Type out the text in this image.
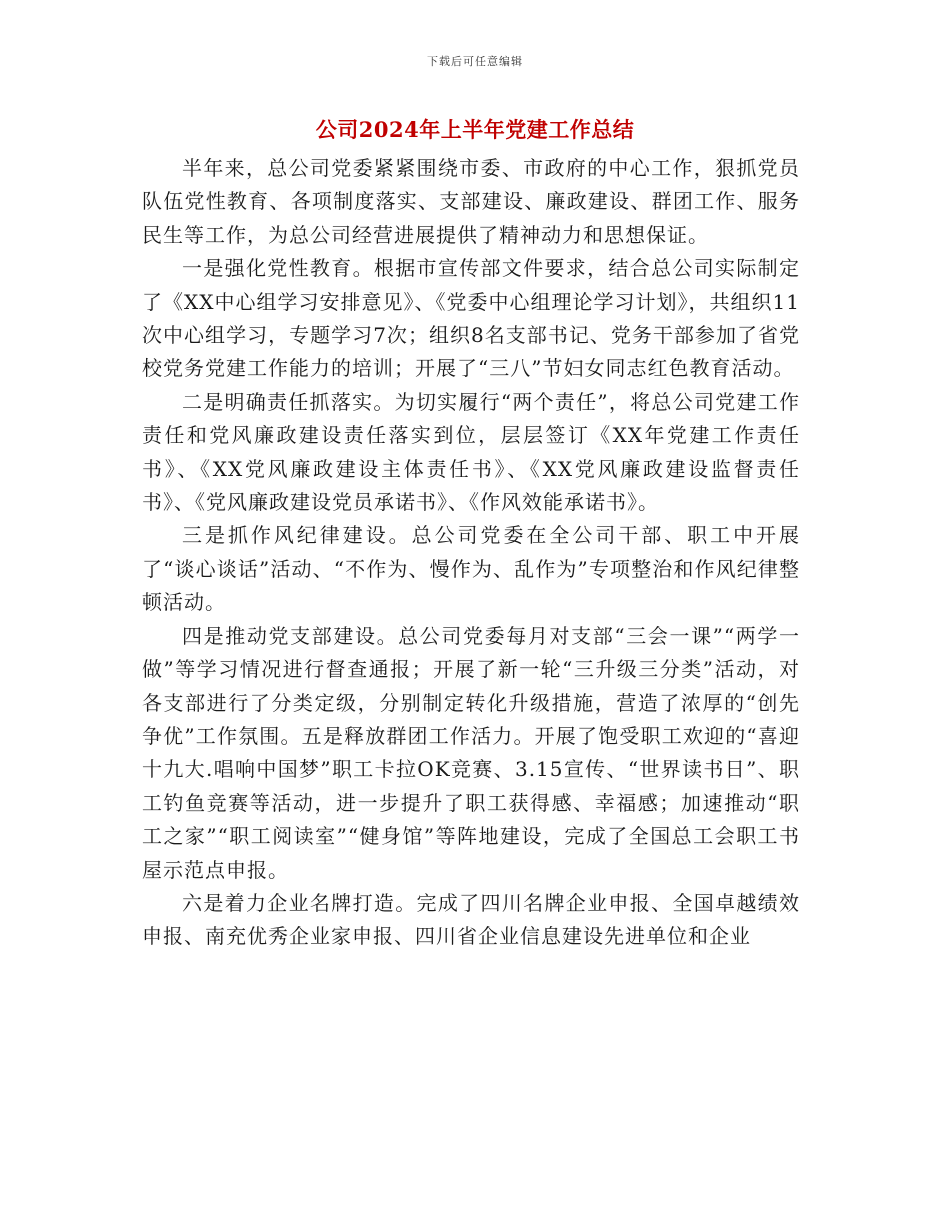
下载后可任意编辑
公司2024年上半年党建工作总结

半年来，总公司党委紧紧围绕市委、市政府的中心工作，狠抓党员队伍党性教育、各项制度落实、支部建设、廉政建设、群团工作、服务民生等工作，为总公司经营进展提供了精神动力和思想保证。

一是强化党性教育。根据市宣传部文件要求，结合总公司实际制定了《XX中心组学习安排意见》、《党委中心组理论学习计划》，共组织11次中心组学习，专题学习7次；组织8名支部书记、党务干部参加了省党校党务党建工作能力的培训；开展了“三八”节妇女同志红色教育活动。

二是明确责任抓落实。为切实履行“两个责任”，将总公司党建工作责任和党风廉政建设责任落实到位，层层签订《XX年党建工作责任书》、《XX党风廉政建设主体责任书》、《XX党风廉政建设监督责任书》、《党风廉政建设党员承诺书》、《作风效能承诺书》。

三是抓作风纪律建设。总公司党委在全公司干部、职工中开展了“谈心谈话”活动、“不作为、慢作为、乱作为”专项整治和作风纪律整顿活动。

四是推动党支部建设。总公司党委每月对支部“三会一课”“两学一做”等学习情况进行督查通报；开展了新一轮“三升级三分类”活动，对各支部进行了分类定级，分别制定转化升级措施，营造了浓厚的“创先争优”工作氛围。五是释放群团工作活力。开展了饱受职工欢迎的“喜迎十九大.唱响中国梦”职工卡拉OK竞赛、3.15宣传、“世界读书日”、职工钓鱼竞赛等活动，进一步提升了职工获得感、幸福感；加速推动“职工之家”“职工阅读室”“健身馆”等阵地建设，完成了全国总工会职工书屋示范点申报。

六是着力企业名牌打造。完成了四川名牌企业申报、全国卓越绩效申报、南充优秀企业家申报、四川省企业信息建设先进单位和企业
